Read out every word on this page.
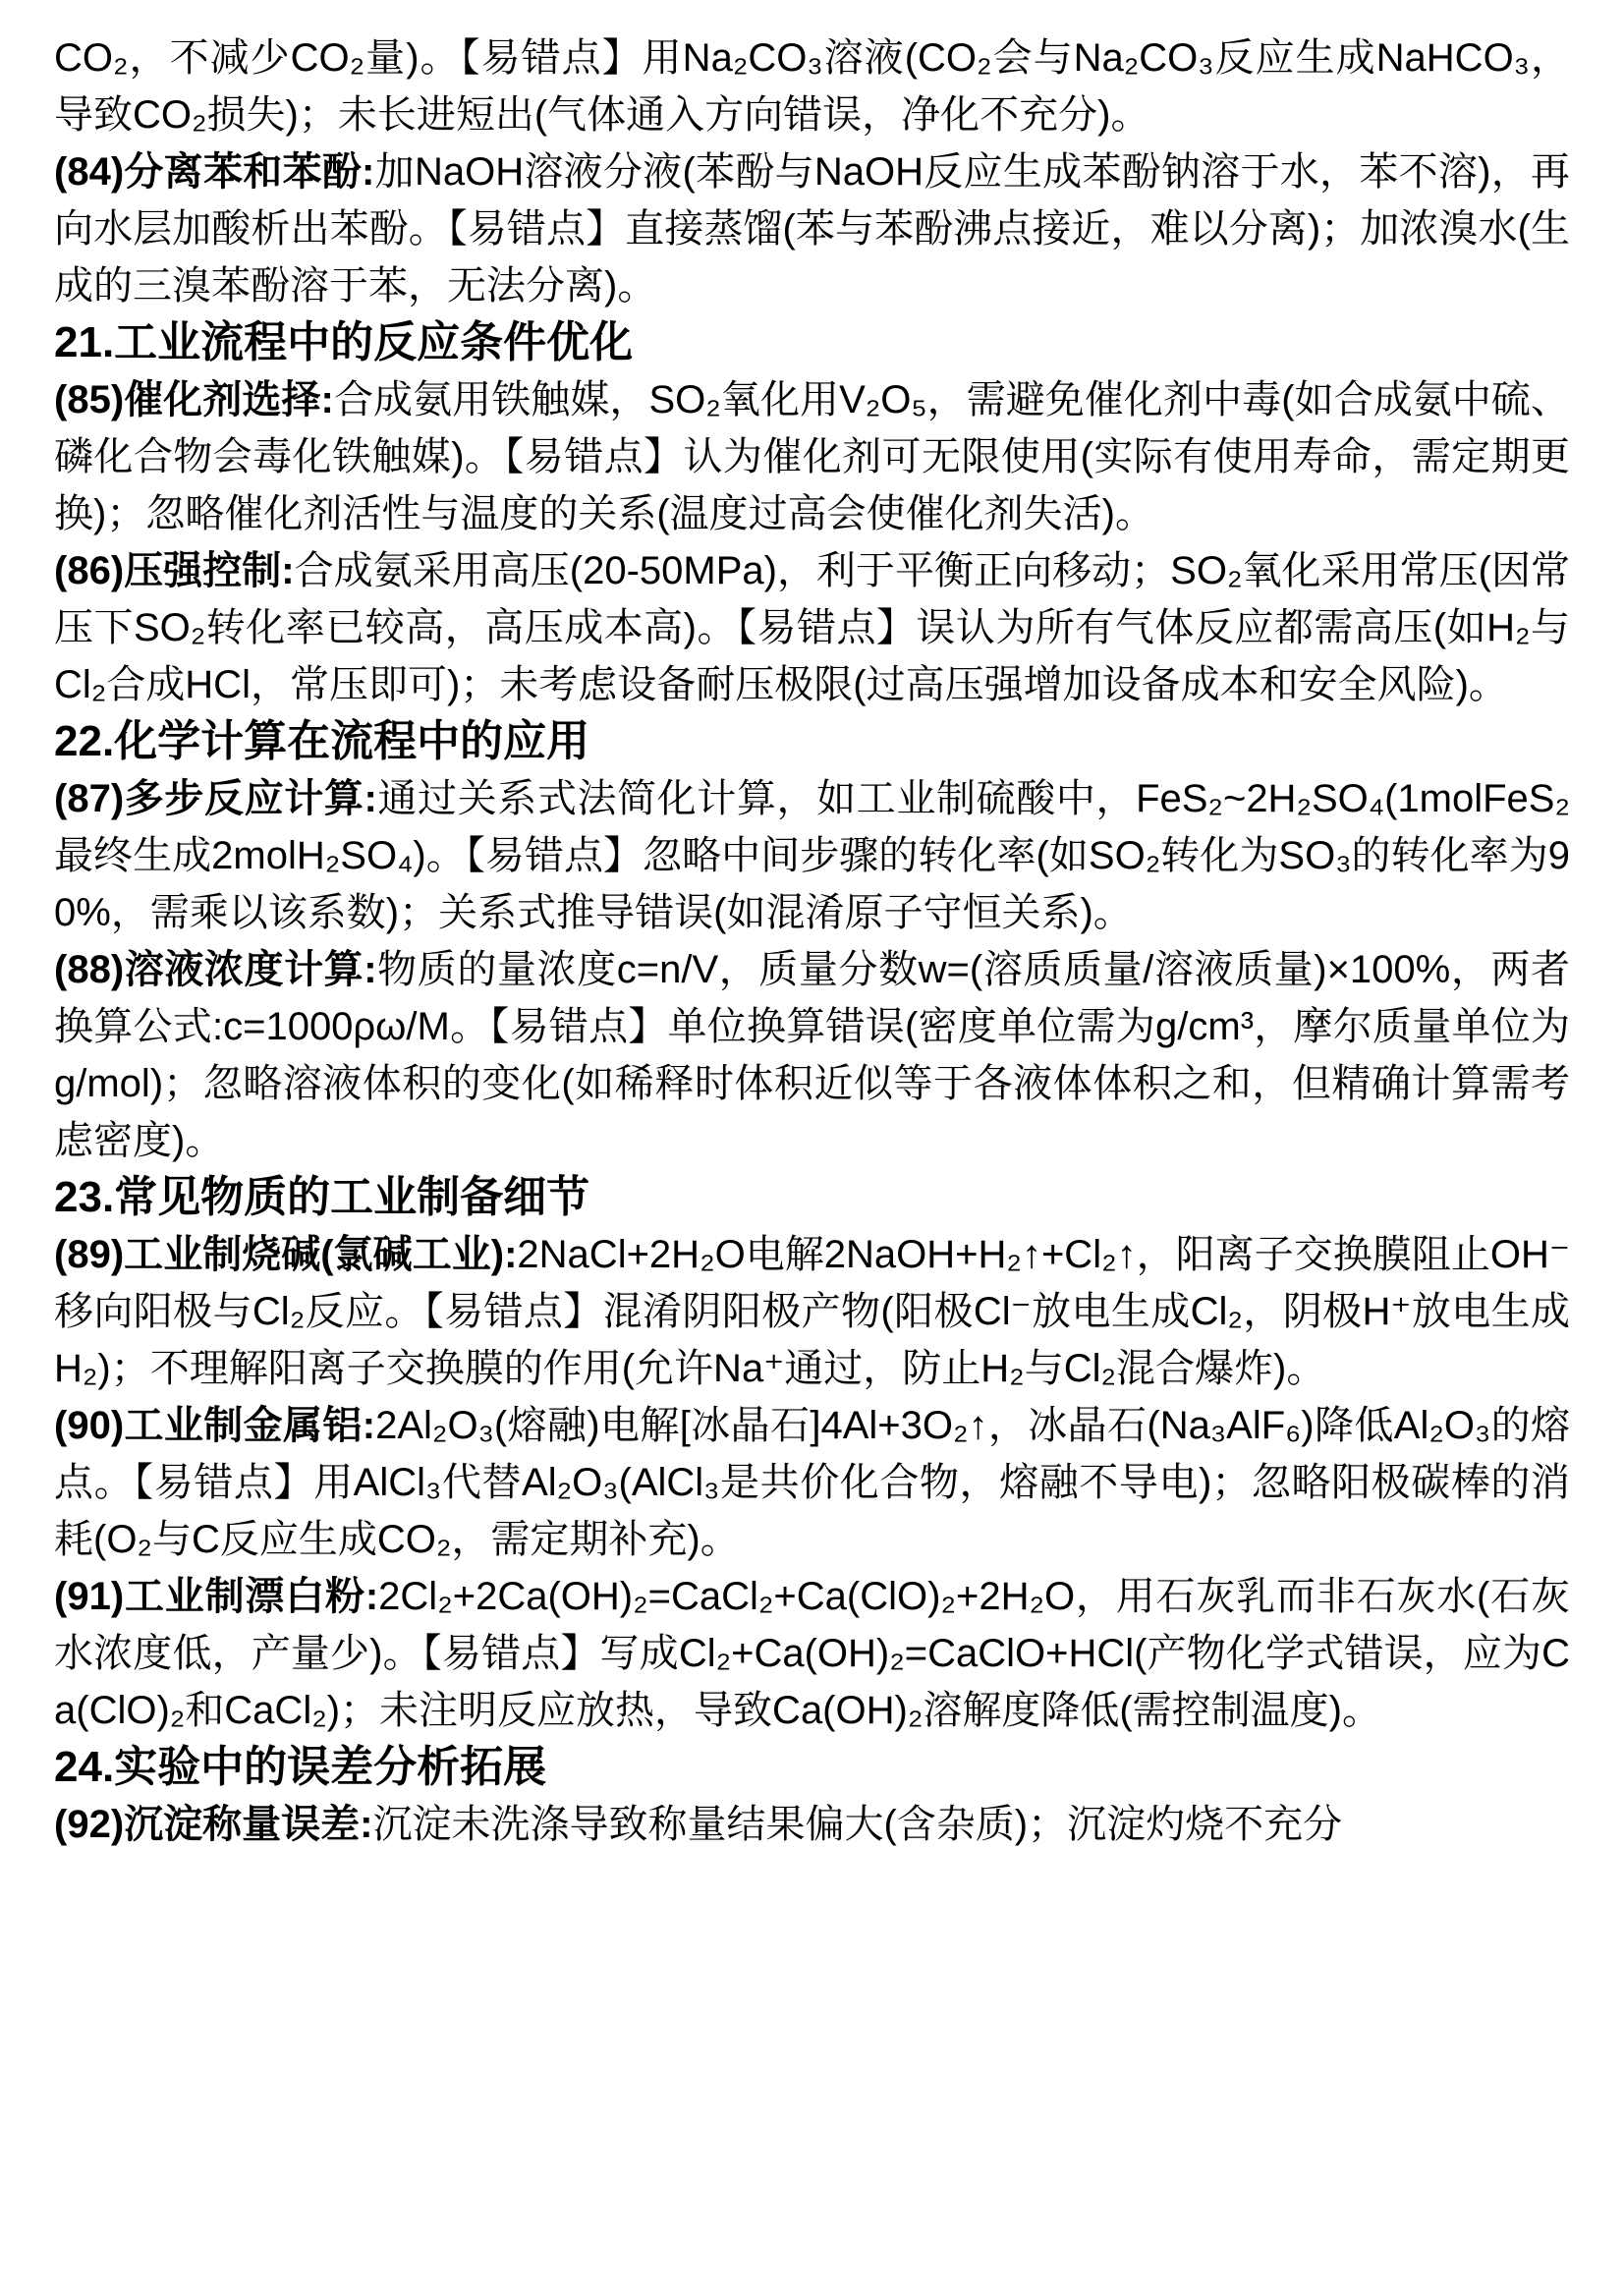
CO₂，不减少CO₂量)。【易错点】用Na₂CO₃溶液(CO₂会与Na₂CO₃反应生成NaHCO₃，导致CO₂损失)；未长进短出(气体通入方向错误，净化不充分)。

(84)分离苯和苯酚:加NaOH溶液分液(苯酚与NaOH反应生成苯酚钠溶于水，苯不溶)，再向水层加酸析出苯酚。【易错点】直接蒸馏(苯与苯酚沸点接近，难以分离)；加浓溴水(生成的三溴苯酚溶于苯，无法分离)。

21.工业流程中的反应条件优化

(85)催化剂选择:合成氨用铁触媒，SO₂氧化用V₂O₅，需避免催化剂中毒(如合成氨中硫、磷化合物会毒化铁触媒)。【易错点】认为催化剂可无限使用(实际有使用寿命，需定期更换)；忽略催化剂活性与温度的关系(温度过高会使催化剂失活)。

(86)压强控制:合成氨采用高压(20-50MPa)，利于平衡正向移动；SO₂氧化采用常压(因常压下SO₂转化率已较高，高压成本高)。【易错点】误认为所有气体反应都需高压(如H₂与Cl₂合成HCl，常压即可)；未考虑设备耐压极限(过高压强增加设备成本和安全风险)。

22.化学计算在流程中的应用

(87)多步反应计算:通过关系式法简化计算，如工业制硫酸中，FeS₂~2H₂SO₄(1molFeS₂最终生成2molH₂SO₄)。【易错点】忽略中间步骤的转化率(如SO₂转化为SO₃的转化率为90%，需乘以该系数)；关系式推导错误(如混淆原子守恒关系)。

(88)溶液浓度计算:物质的量浓度c=n/V，质量分数w=(溶质质量/溶液质量)×100%，两者换算公式:c=1000ρω/M。【易错点】单位换算错误(密度单位需为g/cm³，摩尔质量单位为g/mol)；忽略溶液体积的变化(如稀释时体积近似等于各液体体积之和，但精确计算需考虑密度)。

23.常见物质的工业制备细节

(89)工业制烧碱(氯碱工业):2NaCl+2H₂O电解2NaOH+H₂↑+Cl₂↑，阳离子交换膜阻止OH⁻移向阳极与Cl₂反应。【易错点】混淆阴阳极产物(阳极Cl⁻放电生成Cl₂，阴极H⁺放电生成H₂)；不理解阳离子交换膜的作用(允许Na⁺通过，防止H₂与Cl₂混合爆炸)。

(90)工业制金属铝:2Al₂O₃(熔融)电解[冰晶石]4Al+3O₂↑，冰晶石(Na₃AlF₆)降低Al₂O₃的熔点。【易错点】用AlCl₃代替Al₂O₃(AlCl₃是共价化合物，熔融不导电)；忽略阳极碳棒的消耗(O₂与C反应生成CO₂，需定期补充)。

(91)工业制漂白粉:2Cl₂+2Ca(OH)₂=CaCl₂+Ca(ClO)₂+2H₂O，用石灰乳而非石灰水(石灰水浓度低，产量少)。【易错点】写成Cl₂+Ca(OH)₂=CaClO+HCl(产物化学式错误，应为Ca(ClO)₂和CaCl₂)；未注明反应放热，导致Ca(OH)₂溶解度降低(需控制温度)。

24.实验中的误差分析拓展

(92)沉淀称量误差:沉淀未洗涤导致称量结果偏大(含杂质)；沉淀灼烧不充分
